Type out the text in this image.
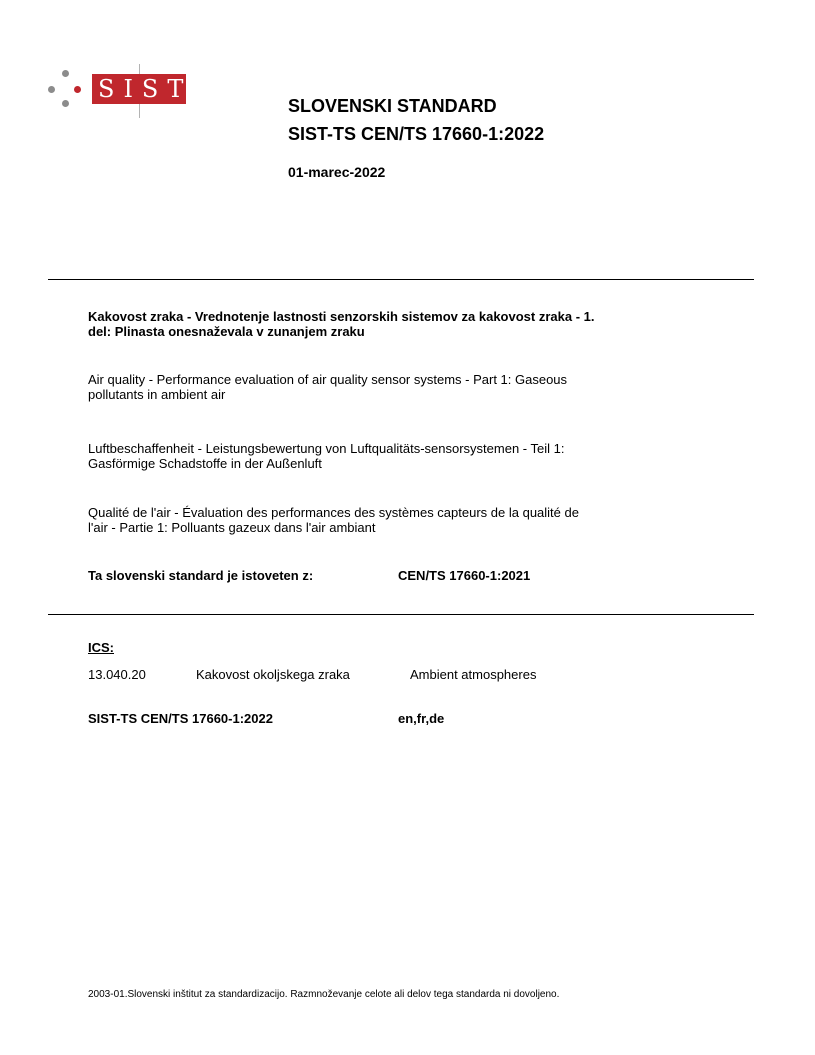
SIST
SLOVENSKI STANDARD
SIST-TS CEN/TS 17660-1:2022
01-marec-2022
Kakovost zraka - Vrednotenje lastnosti senzorskih sistemov za kakovost zraka - 1.
del: Plinasta onesnaževala v zunanjem zraku
Air quality - Performance evaluation of air quality sensor systems - Part 1: Gaseous
pollutants in ambient air
Luftbeschaffenheit - Leistungsbewertung von Luftqualitäts-sensorsystemen - Teil 1:
Gasförmige Schadstoffe in der Außenluft
Qualité de l'air - Évaluation des performances des systèmes capteurs de la qualité de
l'air - Partie 1: Polluants gazeux dans l'air ambiant
Ta slovenski standard je istoveten z:	CEN/TS 17660-1:2021
ICS:
13.040.20	Kakovost okoljskega zraka	Ambient atmospheres
SIST-TS CEN/TS 17660-1:2022	en,fr,de
2003-01.Slovenski inštitut za standardizacijo. Razmnoževanje celote ali delov tega standarda ni dovoljeno.
